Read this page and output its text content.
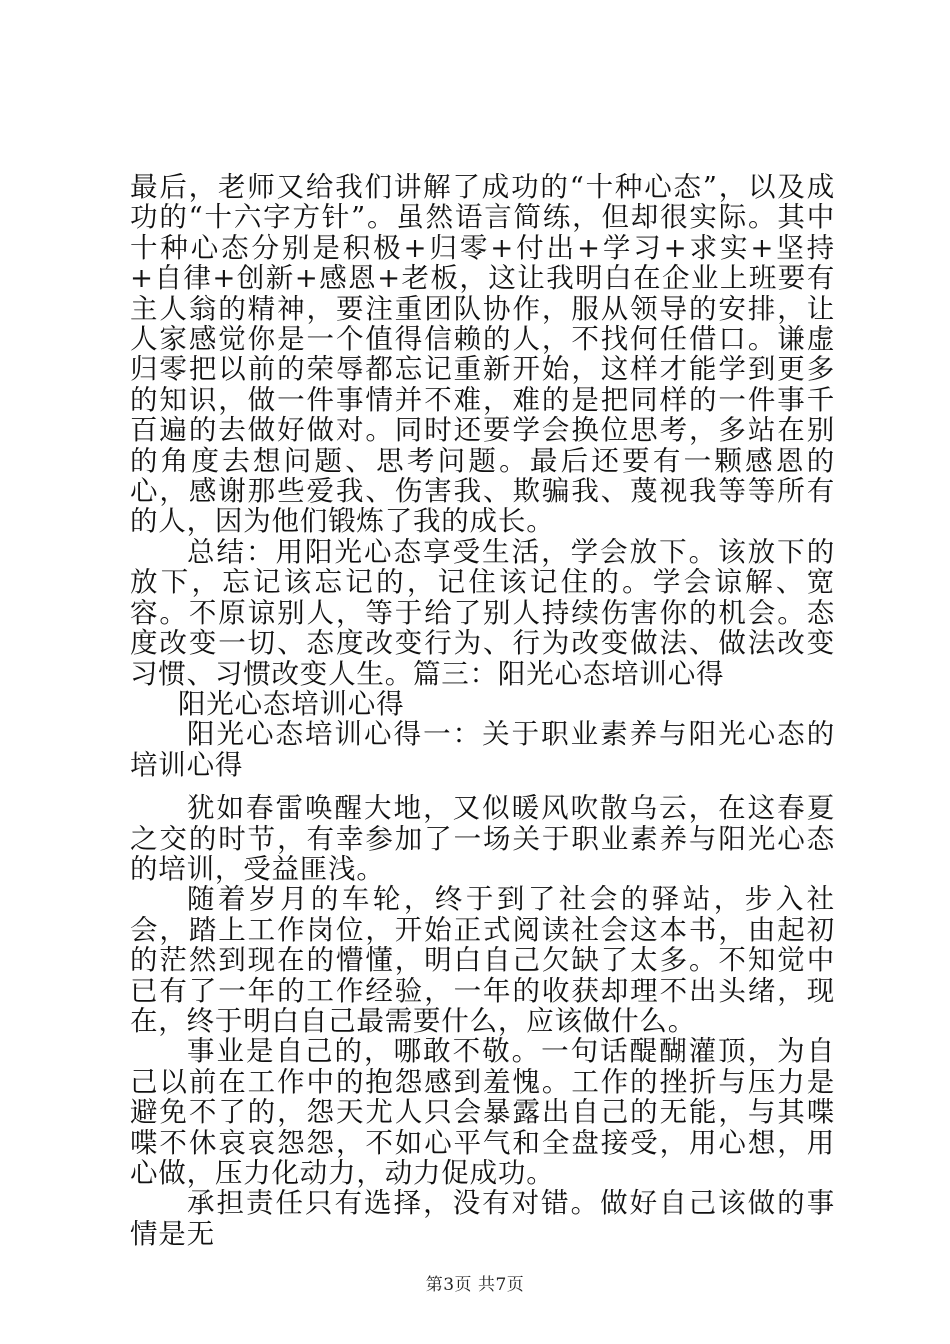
最后，老师又给我们讲解了成功的“十种心态”，以及成功的“十六字方针”。虽然语言简练，但却很实际。其中十种心态分别是积极+归零+付出+学习+求实+坚持+自律+创新+感恩+老板，这让我明白在企业上班要有主人翁的精神，要注重团队协作，服从领导的安排，让人家感觉你是一个值得信赖的人，不找何任借口。谦虚归零把以前的荣辱都忘记重新开始，这样才能学到更多的知识，做一件事情并不难，难的是把同样的一件事千百遍的去做好做对。同时还要学会换位思考，多站在别的角度去想问题、思考问题。最后还要有一颗感恩的心，感谢那些爱我、伤害我、欺骗我、蔑视我等等所有的人，因为他们锻炼了我的成长。

总结：用阳光心态享受生活，学会放下。该放下的放下，忘记该忘记的，记住该记住的。学会谅解、宽容。不原谅别人，等于给了别人持续伤害你的机会。态度改变一切、态度改变行为、行为改变做法、做法改变习惯、习惯改变人生。篇三：阳光心态培训心得

阳光心态培训心得

阳光心态培训心得一：关于职业素养与阳光心态的培训心得

犹如春雷唤醒大地，又似暖风吹散乌云，在这春夏之交的时节，有幸参加了一场关于职业素养与阳光心态的培训，受益匪浅。

随着岁月的车轮，终于到了社会的驿站，步入社会，踏上工作岗位，开始正式阅读社会这本书，由起初的茫然到现在的懵懂，明白自己欠缺了太多。不知觉中已有了一年的工作经验，一年的收获却理不出头绪，现在，终于明白自己最需要什么，应该做什么。

事业是自己的，哪敢不敬。一句话醍醐灌顶，为自己以前在工作中的抱怨感到羞愧。工作的挫折与压力是避免不了的，怨天尤人只会暴露出自己的无能，与其喋喋不休哀哀怨怨，不如心平气和全盘接受，用心想，用心做，压力化动力，动力促成功。

承担责任只有选择，没有对错。做好自己该做的事情是无

第3页 共7页
